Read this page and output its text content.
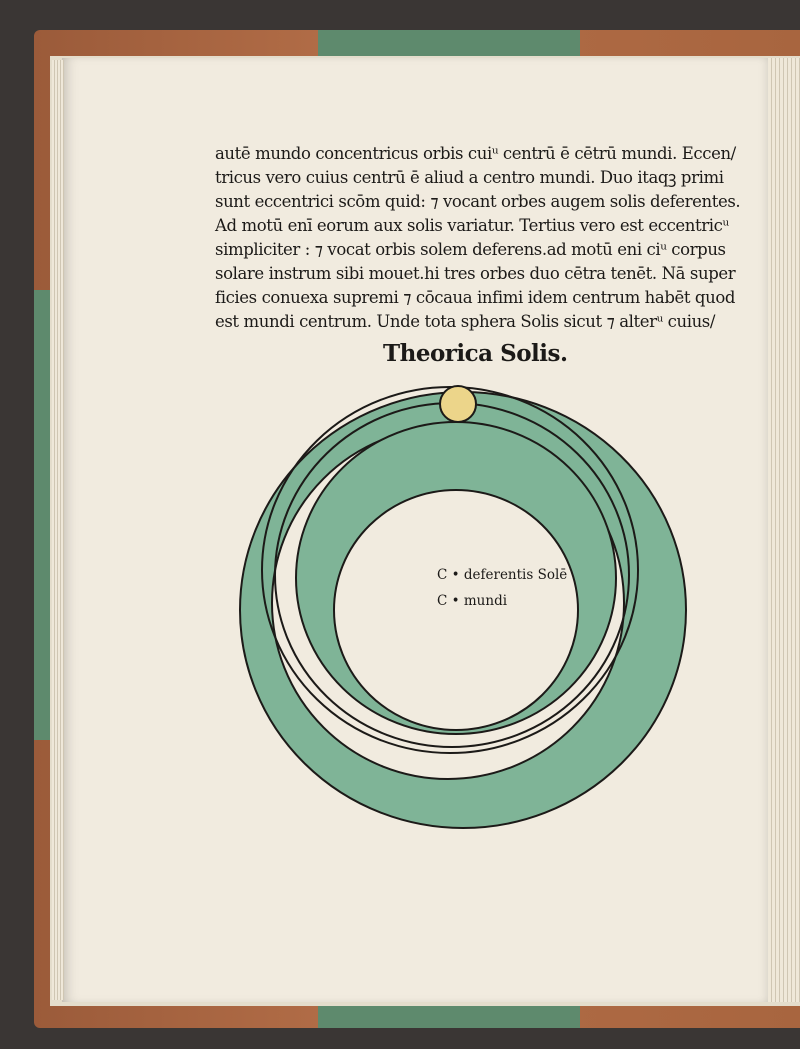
autē mundo concentricus orbis cuiᵘ centrū ē cētrū mundi. Eccen/
tricus vero cuius centrū ē aliud a centro mundi. Duo itaqꝫ primi
sunt eccentrici scōm quid: ⁊ vocant orbes augem solis deferentes.
Ad motū enī eorum aux solis variatur. Tertius vero est eccentricᵘ
simpliciter : ⁊ vocat orbis solem deferens.ad motū eni ciᵘ corpus
solare instrum sibi mouet.hi tres orbes duo cētra tenēt. Nā super
ficies conuexa supremi ⁊ cōcaua infimi idem centrum habēt quod
est mundi centrum. Unde tota sphera Solis sicut ⁊ alterᵘ cuius/
Theorica Solis.
C • deferentis Solē
C • mundi
